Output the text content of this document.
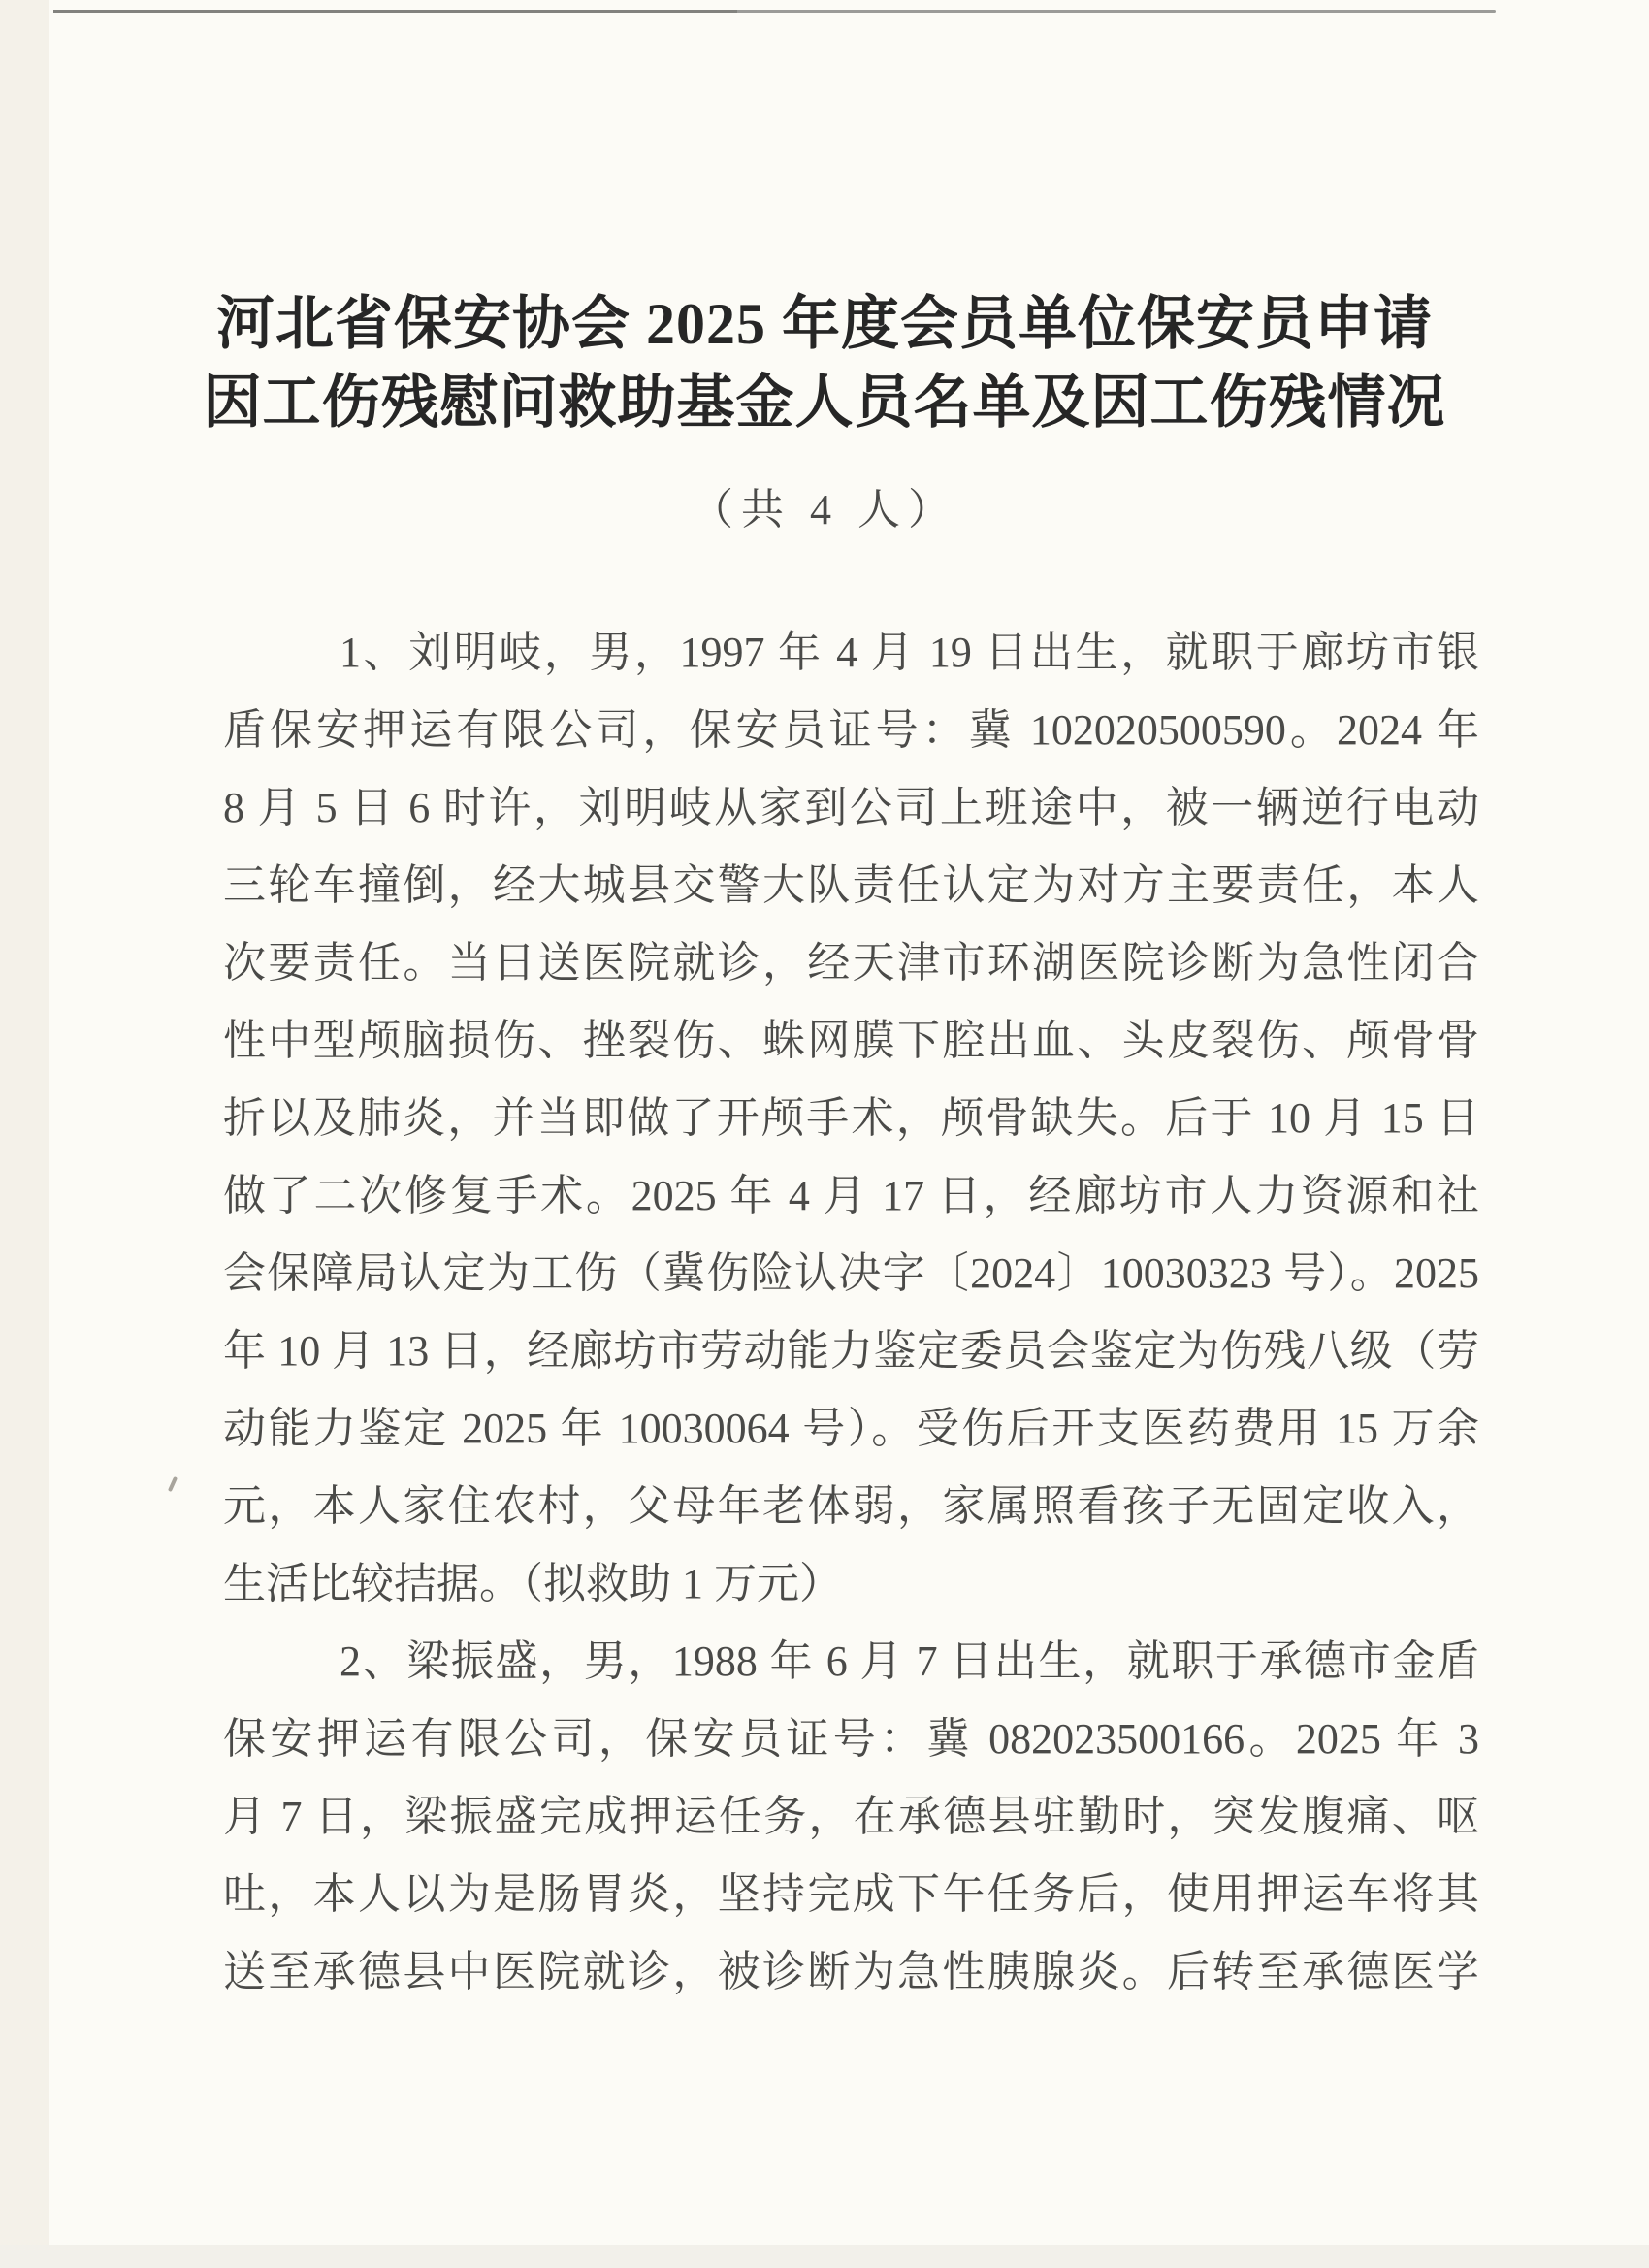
河北省保安协会 2025 年度会员单位保安员申请
因工伤残慰问救助基金人员名单及因工伤残情况
（共 4 人）
1、刘明岐，男，1997 年 4 月 19 日出生，就职于廊坊市银
盾保安押运有限公司，保安员证号：冀 102020500590。2024 年
8 月 5 日 6 时许，刘明岐从家到公司上班途中，被一辆逆行电动
三轮车撞倒，经大城县交警大队责任认定为对方主要责任，本人
次要责任。当日送医院就诊，经天津市环湖医院诊断为急性闭合
性中型颅脑损伤、挫裂伤、蛛网膜下腔出血、头皮裂伤、颅骨骨
折以及肺炎，并当即做了开颅手术，颅骨缺失。后于 10 月 15 日
做了二次修复手术。2025 年 4 月 17 日，经廊坊市人力资源和社
会保障局认定为工伤（冀伤险认决字〔2024〕10030323 号）。2025
年 10 月 13 日，经廊坊市劳动能力鉴定委员会鉴定为伤残八级（劳
动能力鉴定 2025 年 10030064 号）。受伤后开支医药费用 15 万余
元，本人家住农村，父母年老体弱，家属照看孩子无固定收入，
生活比较拮据。（拟救助 1 万元）
2、梁振盛，男，1988 年 6 月 7 日出生，就职于承德市金盾
保安押运有限公司，保安员证号：冀 082023500166。2025 年 3
月 7 日，梁振盛完成押运任务，在承德县驻勤时，突发腹痛、呕
吐，本人以为是肠胃炎，坚持完成下午任务后，使用押运车将其
送至承德县中医院就诊，被诊断为急性胰腺炎。后转至承德医学
